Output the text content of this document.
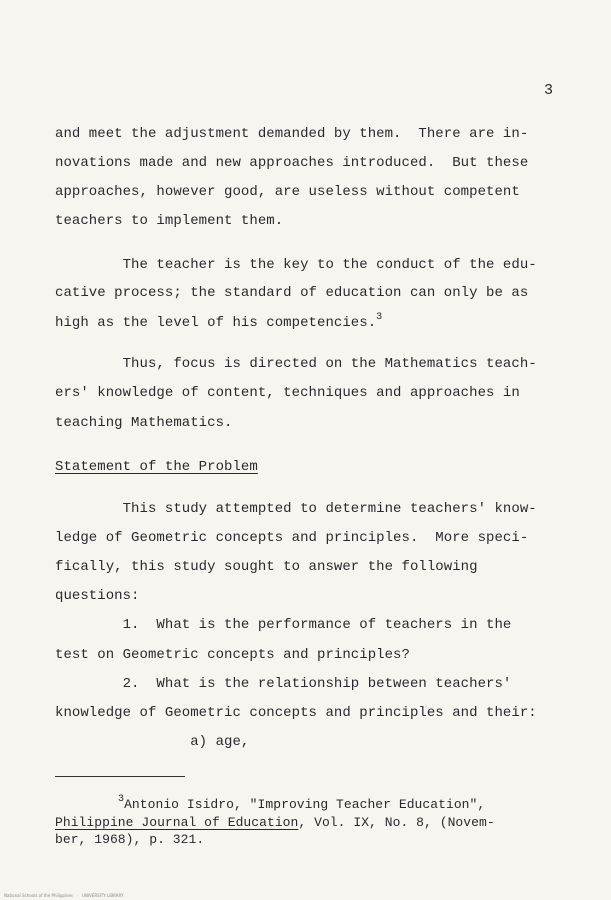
3
and meet the adjustment demanded by them.  There are in-
novations made and new approaches introduced.  But these
approaches, however good, are useless without competent
teachers to implement them.
The teacher is the key to the conduct of the edu-
cative process; the standard of education can only be as
high as the level of his competencies.$^3$
Thus, focus is directed on the Mathematics teach-
ers' knowledge of content, techniques and approaches in
teaching Mathematics.
Statement of the Problem
This study attempted to determine teachers' know-
ledge of Geometric concepts and principles.  More speci-
fically, this study sought to answer the following
questions:
1.  What is the performance of teachers in the
test on Geometric concepts and principles?
2.  What is the relationship between teachers'
knowledge of Geometric concepts and principles and their:
a) age,
$^3$Antonio Isidro, "Improving Teacher Education",
Philippine Journal of Education, Vol. IX, No. 8, (Novem-
ber, 1968), p. 321.
National Schools of the Philippines   ·   UNIVERSITY LIBRARY
